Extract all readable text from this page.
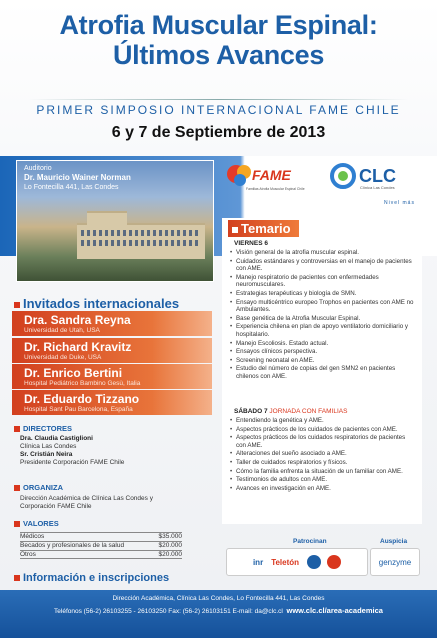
Atrofia Muscular Espinal:
Últimos Avances
PRIMER SIMPOSIO INTERNACIONAL FAME CHILE
6 y 7 de Septiembre de 2013
Auditorio
Dr. Mauricio Wainer Norman
Lo Fontecilla 441, Las Condes
FAME
Familias Atrofia Muscular Espinal Chile
CLC
Clínica Las Condes
Nivel más
Invitados internacionales
Dra. Sandra Reyna
Universidad de Utah, USA
Dr. Richard Kravitz
Universidad de Duke, USA
Dr. Enrico Bertini
Hospital Pediátrico Bambino Gesù, Italia
Dr. Eduardo Tizzano
Hospital Sant Pau Barcelona, España
DIRECTORES
Dra. Claudia Castiglioni
Clínica Las Condes
Sr. Cristián Neira
Presidente Corporación FAME Chile
ORGANIZA
Dirección Académica de Clínica Las Condes y
Corporación FAME Chile
VALORES
Médicos	$35.000
Becados y profesionales de la salud	$20.000
Otros	$20.000
Temario
VIERNES 6
• Visión general de la atrofia muscular espinal.
• Cuidados estándares y controversias en el manejo de pacientes con AME.
• Manejo respiratorio de pacientes con enfermedades neuromusculares.
• Estrategias terapéuticas y biología de SMN.
• Ensayo multicéntrico europeo Trophos en pacientes con AME no Ambulantes.
• Base genética de la Atrofia Muscular Espinal.
• Experiencia chilena en plan de apoyo ventilatorio domiciliario y hospitalario.
• Manejo Escoliosis. Estado actual.
• Ensayos clínicos perspectiva.
• Screening neonatal en AME.
• Estudio del número de copias del gen SMN2 en pacientes chilenos con AME.
SÁBADO 7 JORNADA CON FAMILIAS
• Entendiendo la genética y AME.
• Aspectos prácticos de los cuidados de pacientes con AME.
• Aspectos prácticos de los cuidados respiratorios de pacientes con AME.
• Alteraciones del sueño asociado a AME.
• Taller de cuidados respiratorios y físicos.
• Cómo la familia enfrenta la situación de un familiar con AME.
• Testimonios de adultos con AME.
• Avances en investigación en AME.
Patrocinan	Auspicia
inr Teletón	genzyme
Información e inscripciones
Dirección Académica, Clínica Las Condes, Lo Fontecilla 441, Las Condes
Teléfonos (56-2) 26103255 - 26103250 Fax: (56-2) 26103151 E-mail: da@clc.cl www.clc.cl/area-academica
